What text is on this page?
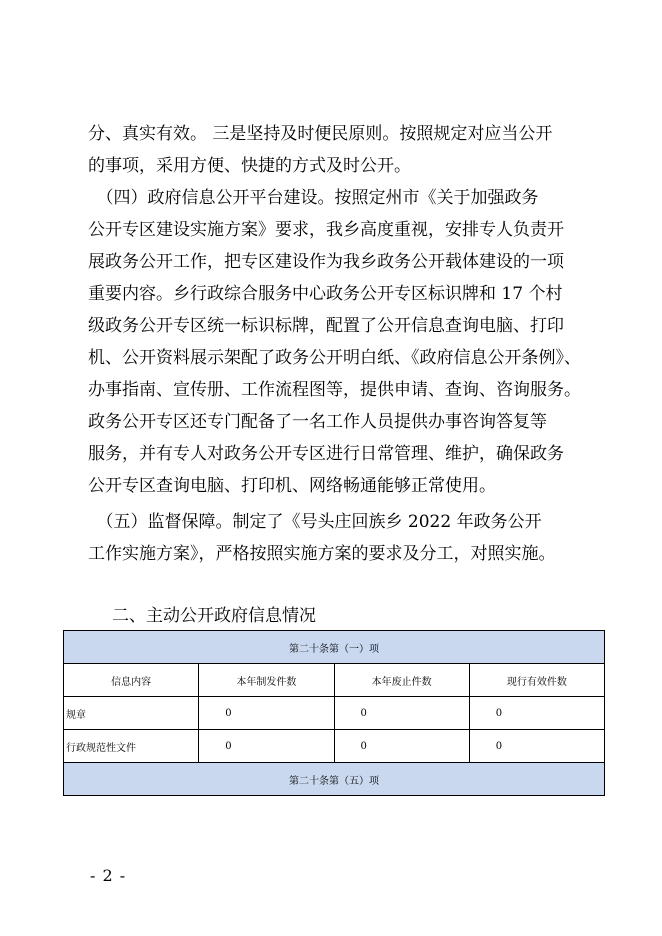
分、真实有效。 三是坚持及时便民原则。按照规定对应当公开
的事项，采用方便、快捷的方式及时公开。
　（四）政府信息公开平台建设。按照定州市《关于加强政务
公开专区建设实施方案》要求，我乡高度重视，安排专人负责开
展政务公开工作，把专区建设作为我乡政务公开载体建设的一项
重要内容。乡行政综合服务中心政务公开专区标识牌和 17 个村
级政务公开专区统一标识标牌，配置了公开信息查询电脑、打印
机、公开资料展示架配了政务公开明白纸、《政府信息公开条例》、
办事指南、宣传册、工作流程图等，提供申请、查询、咨询服务。
政务公开专区还专门配备了一名工作人员提供办事咨询答复等
服务，并有专人对政务公开专区进行日常管理、维护，确保政务
公开专区查询电脑、打印机、网络畅通能够正常使用。
　（五）监督保障。制定了《号头庄回族乡 2022 年政务公开
工作实施方案》，严格按照实施方案的要求及分工，对照实施。
二、主动公开政府信息情况
第二十条第（一）项			
信息内容	本年制发件数	本年废止件数	现行有效件数
规章	0	0	0
行政规范性文件	0	0	0
第二十条第（五）项			
- 2 -
